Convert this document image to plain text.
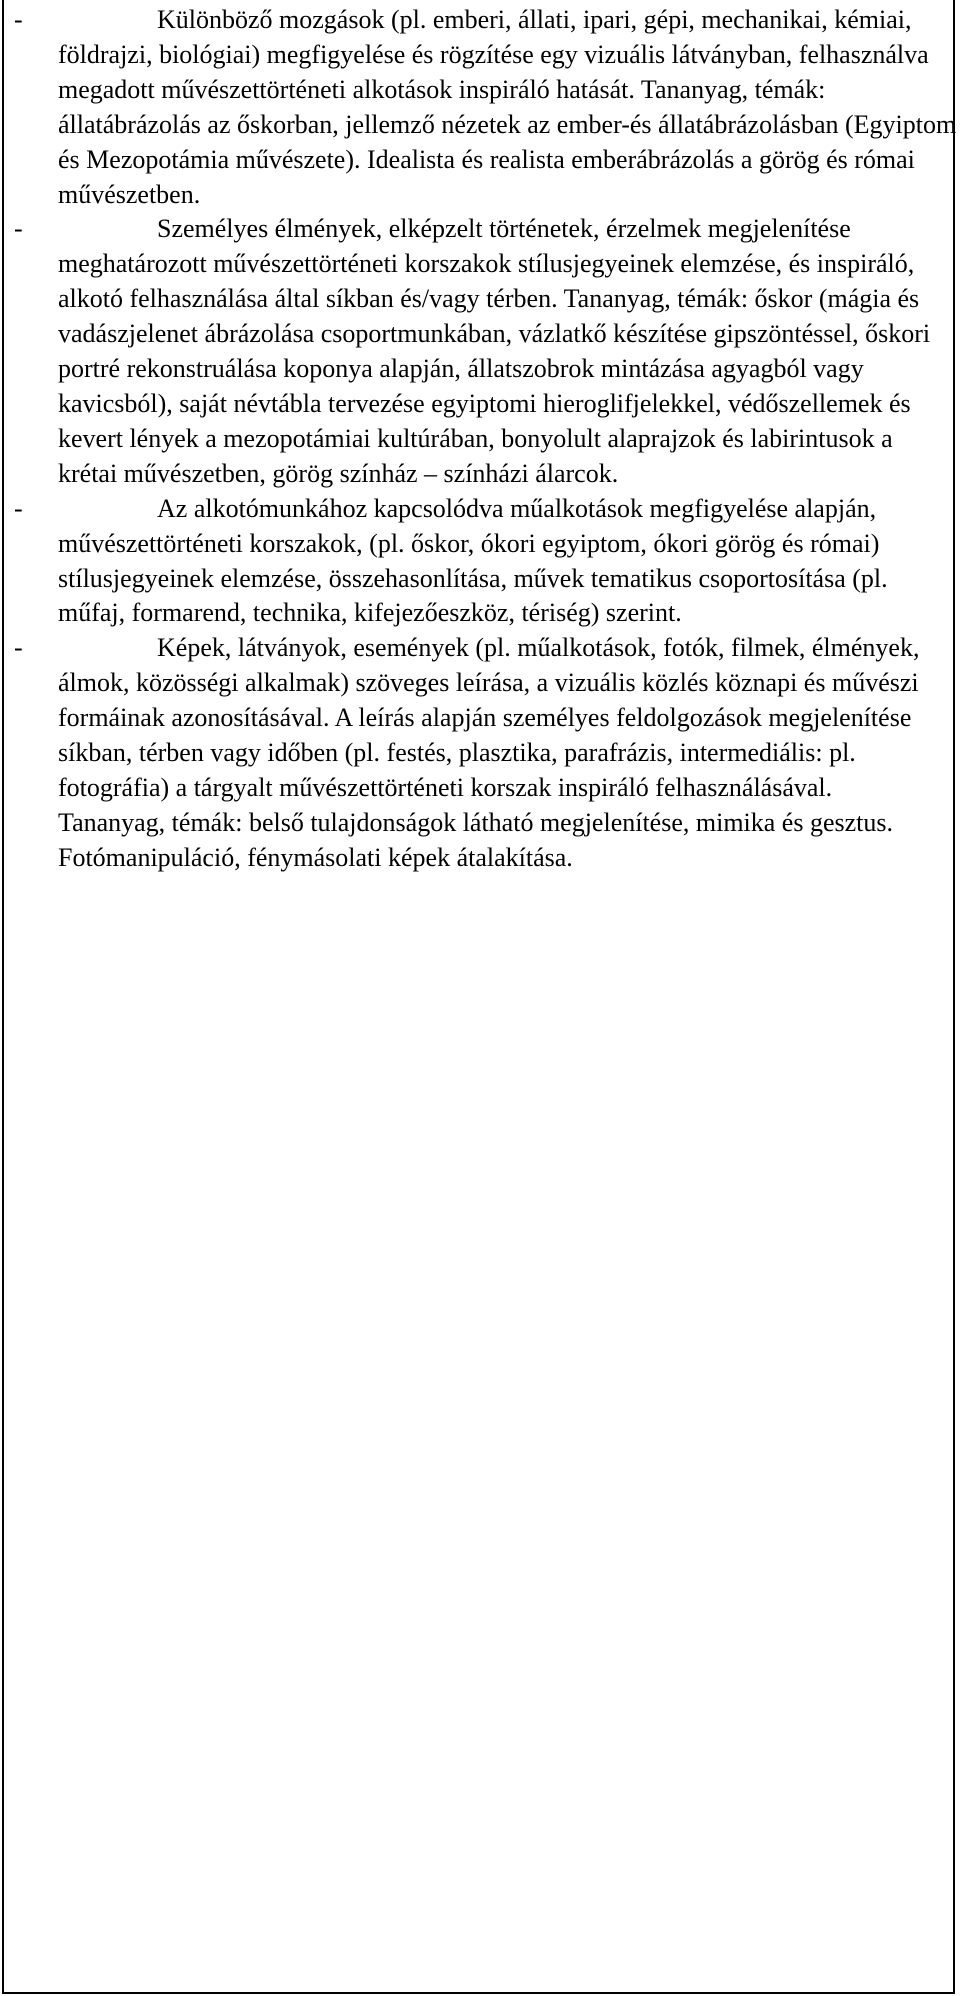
-	Különböző mozgások (pl. emberi, állati, ipari, gépi, mechanikai, kémiai, földrajzi, biológiai) megfigyelése és rögzítése egy vizuális látványban, felhasználva megadott művészettörténeti alkotások inspiráló hatását. Tananyag, témák: állatábrázolás az őskorban, jellemző nézetek az ember-és állatábrázolásban (Egyiptom és Mezopotámia művészete). Idealista és realista emberábrázolás a görög és római művészetben.

-	Személyes élmények, elképzelt történetek, érzelmek megjelenítése meghatározott művészettörténeti korszakok stílusjegyeinek elemzése, és inspiráló, alkotó felhasználása által síkban és/vagy térben. Tananyag, témák: őskor (mágia és vadászjelenet ábrázolása csoportmunkában, vázlatkő készítése gipszöntéssel, őskori portré rekonstruálása koponya alapján, állatszobrok mintázása agyagból vagy kavicsból), saját névtábla tervezése egyiptomi hieroglifjelekkel, védőszellemek és kevert lények a mezopotámiai kultúrában, bonyolult alaprajzok és labirintusok a krétai művészetben, görög színház – színházi álarcok.

-	Az alkotómunkához kapcsolódva műalkotások megfigyelése alapján, művészettörténeti korszakok, (pl. őskor, ókori egyiptom, ókori görög és római) stílusjegyeinek elemzése, összehasonlítása, művek tematikus csoportosítása (pl. műfaj, formarend, technika, kifejezőeszköz, tériség) szerint.

-	Képek, látványok, események (pl. műalkotások, fotók, filmek, élmények, álmok, közösségi alkalmak) szöveges leírása, a vizuális közlés köznapi és művészi formáinak azonosításával. A leírás alapján személyes feldolgozások megjelenítése síkban, térben vagy időben (pl. festés, plasztika, parafrázis, intermediális: pl. fotográfia) a tárgyalt művészettörténeti korszak inspiráló felhasználásával.

Tananyag, témák: belső tulajdonságok látható megjelenítése, mimika és gesztus. Fotómanipuláció, fénymásolati képek átalakítása.
